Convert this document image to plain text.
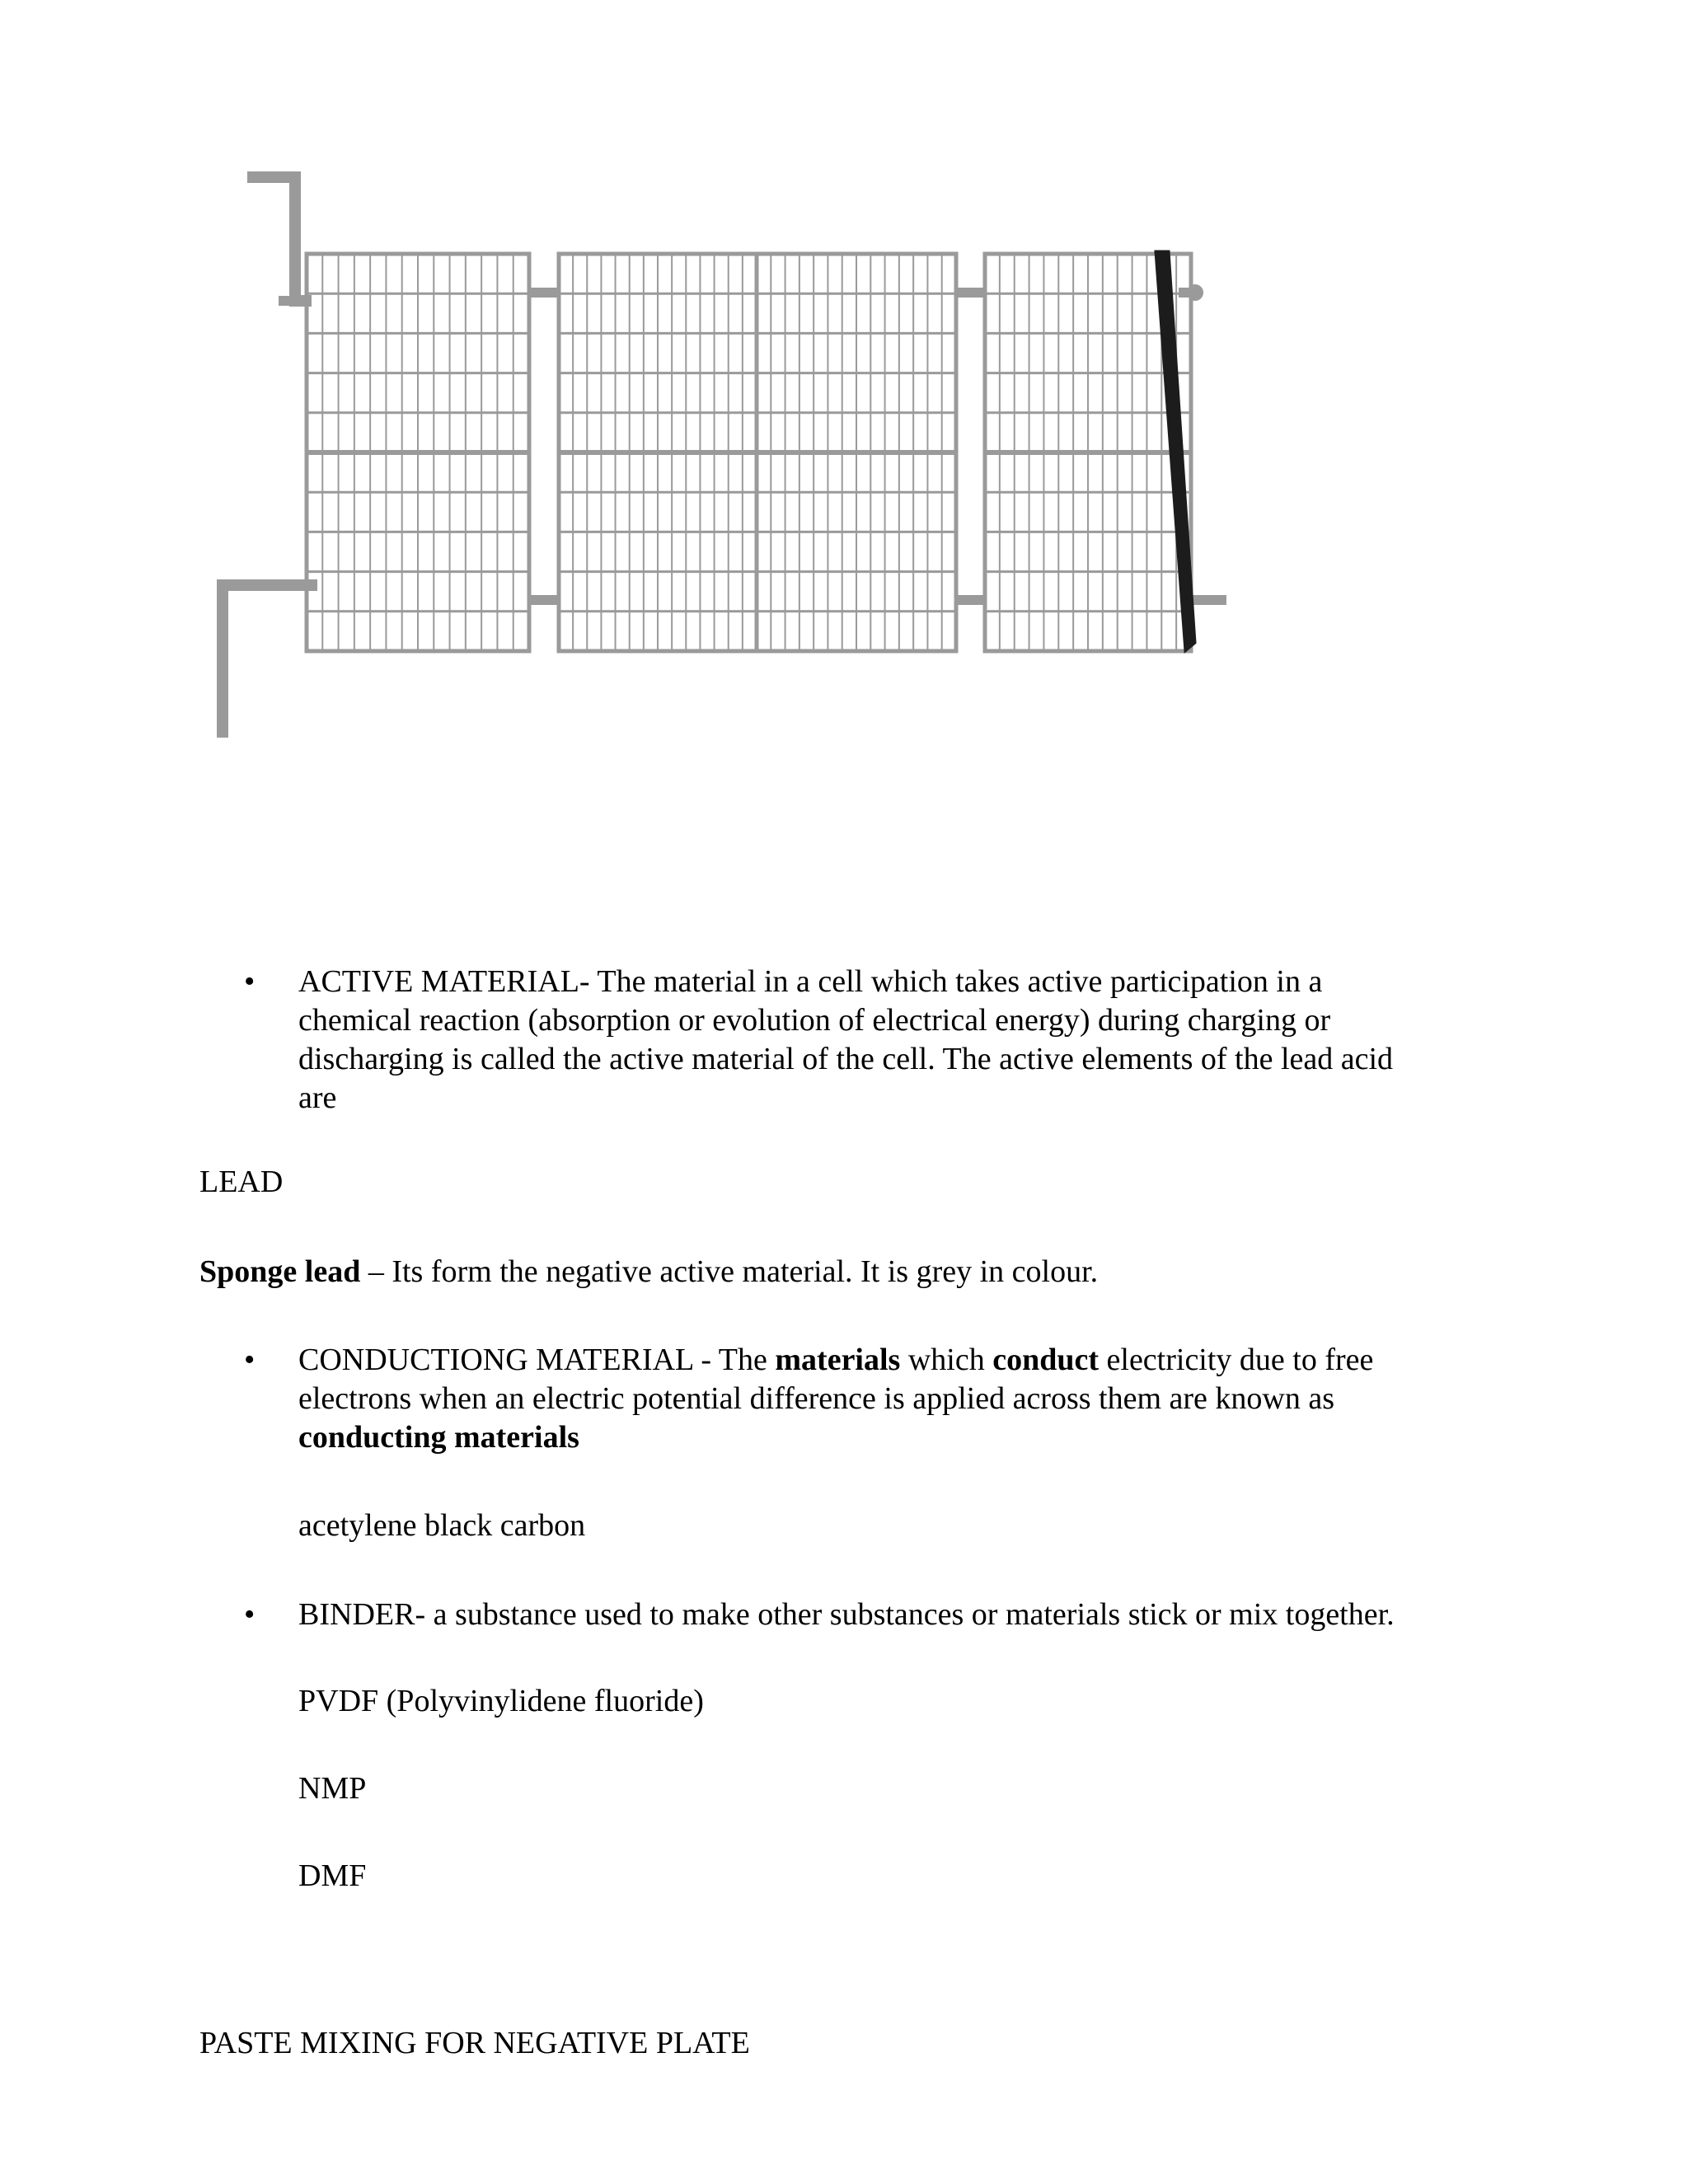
• ACTIVE MATERIAL- The material in a cell which takes active participation in a
chemical reaction (absorption or evolution of electrical energy) during charging or
discharging is called the active material of the cell. The active elements of the lead acid
are
LEAD
Sponge lead – Its form the negative active material. It is grey in colour.
• CONDUCTIONG MATERIAL - The materials which conduct electricity due to free
electrons when an electric potential difference is applied across them are known as
conducting materials
acetylene black carbon
• BINDER- a substance used to make other substances or materials stick or mix together.
PVDF (Polyvinylidene fluoride)
NMP
DMF
PASTE MIXING FOR NEGATIVE PLATE
